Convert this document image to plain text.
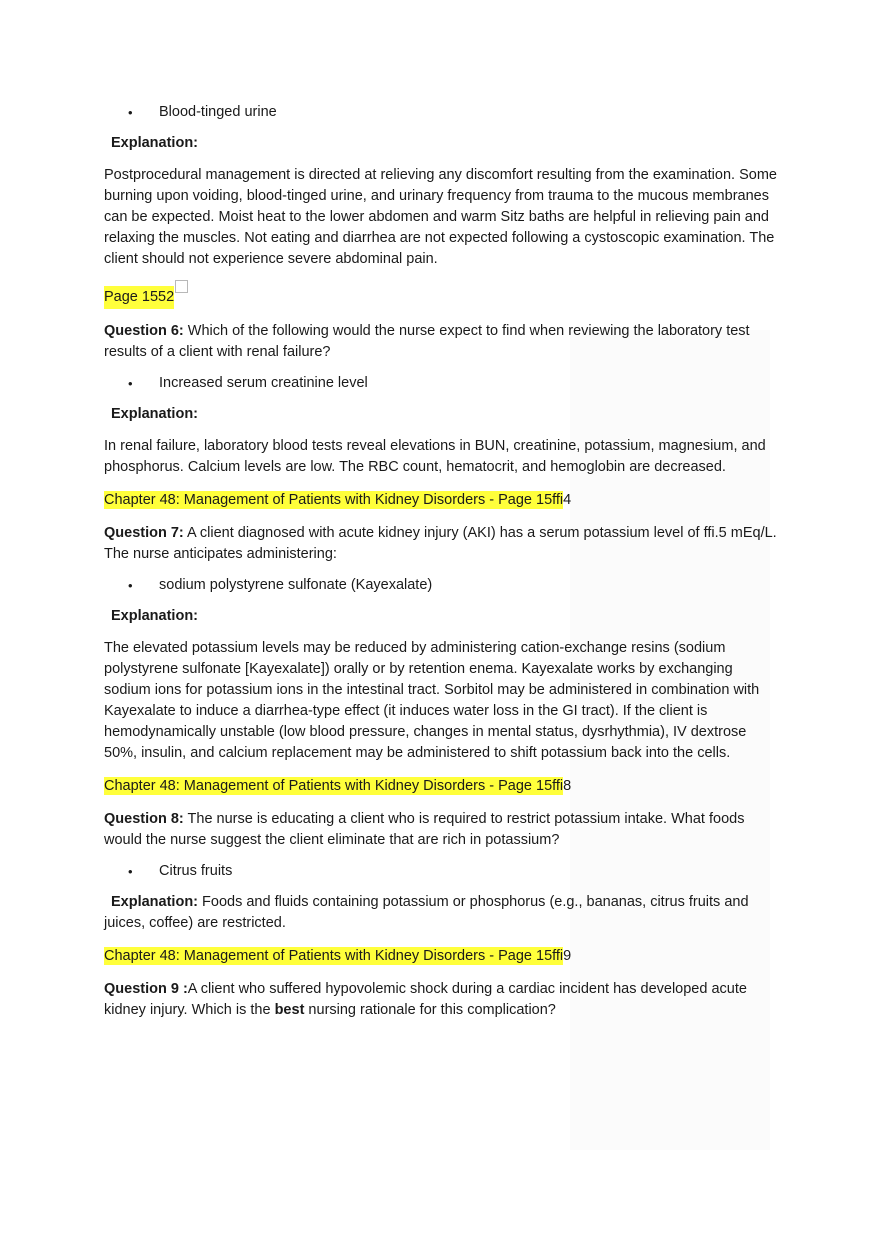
•	Blood-tinged urine
Explanation:

Postprocedural management is directed at relieving any discomfort resulting from the examination. Some burning upon voiding, blood-tinged urine, and urinary frequency from trauma to the mucous membranes can be expected. Moist heat to the lower abdomen and warm Sitz baths are helpful in relieving pain and relaxing the muscles. Not eating and diarrhea are not expected following a cystoscopic examination. The client should not experience severe abdominal pain.

Page 1552

Question 6: Which of the following would the nurse expect to find when reviewing the laboratory test results of a client with renal failure?

•	Increased serum creatinine level
Explanation:

In renal failure, laboratory blood tests reveal elevations in BUN, creatinine, potassium, magnesium, and phosphorus. Calcium levels are low. The RBC count, hematocrit, and hemoglobin are decreased.

Chapter 48: Management of Patients with Kidney Disorders - Page 15ffi4

Question 7: A client diagnosed with acute kidney injury (AKI) has a serum potassium level of ffi.5 mEq/L. The nurse anticipates administering:

•	sodium polystyrene sulfonate (Kayexalate)
Explanation:

The elevated potassium levels may be reduced by administering cation-exchange resins (sodium polystyrene sulfonate [Kayexalate]) orally or by retention enema. Kayexalate works by exchanging sodium ions for potassium ions in the intestinal tract. Sorbitol may be administered in combination with Kayexalate to induce a diarrhea-type effect (it induces water loss in the GI tract). If the client is hemodynamically unstable (low blood pressure, changes in mental status, dysrhythmia), IV dextrose 50%, insulin, and calcium replacement may be administered to shift potassium back into the cells.

Chapter 48: Management of Patients with Kidney Disorders - Page 15ffi8

Question 8: The nurse is educating a client who is required to restrict potassium intake. What foods would the nurse suggest the client eliminate that are rich in potassium?

•	Citrus fruits

Explanation: Foods and fluids containing potassium or phosphorus (e.g., bananas, citrus fruits and juices, coffee) are restricted.

Chapter 48: Management of Patients with Kidney Disorders - Page 15ffi9

Question 9 :A client who suffered hypovolemic shock during a cardiac incident has developed acute kidney injury. Which is the best nursing rationale for this complication?
